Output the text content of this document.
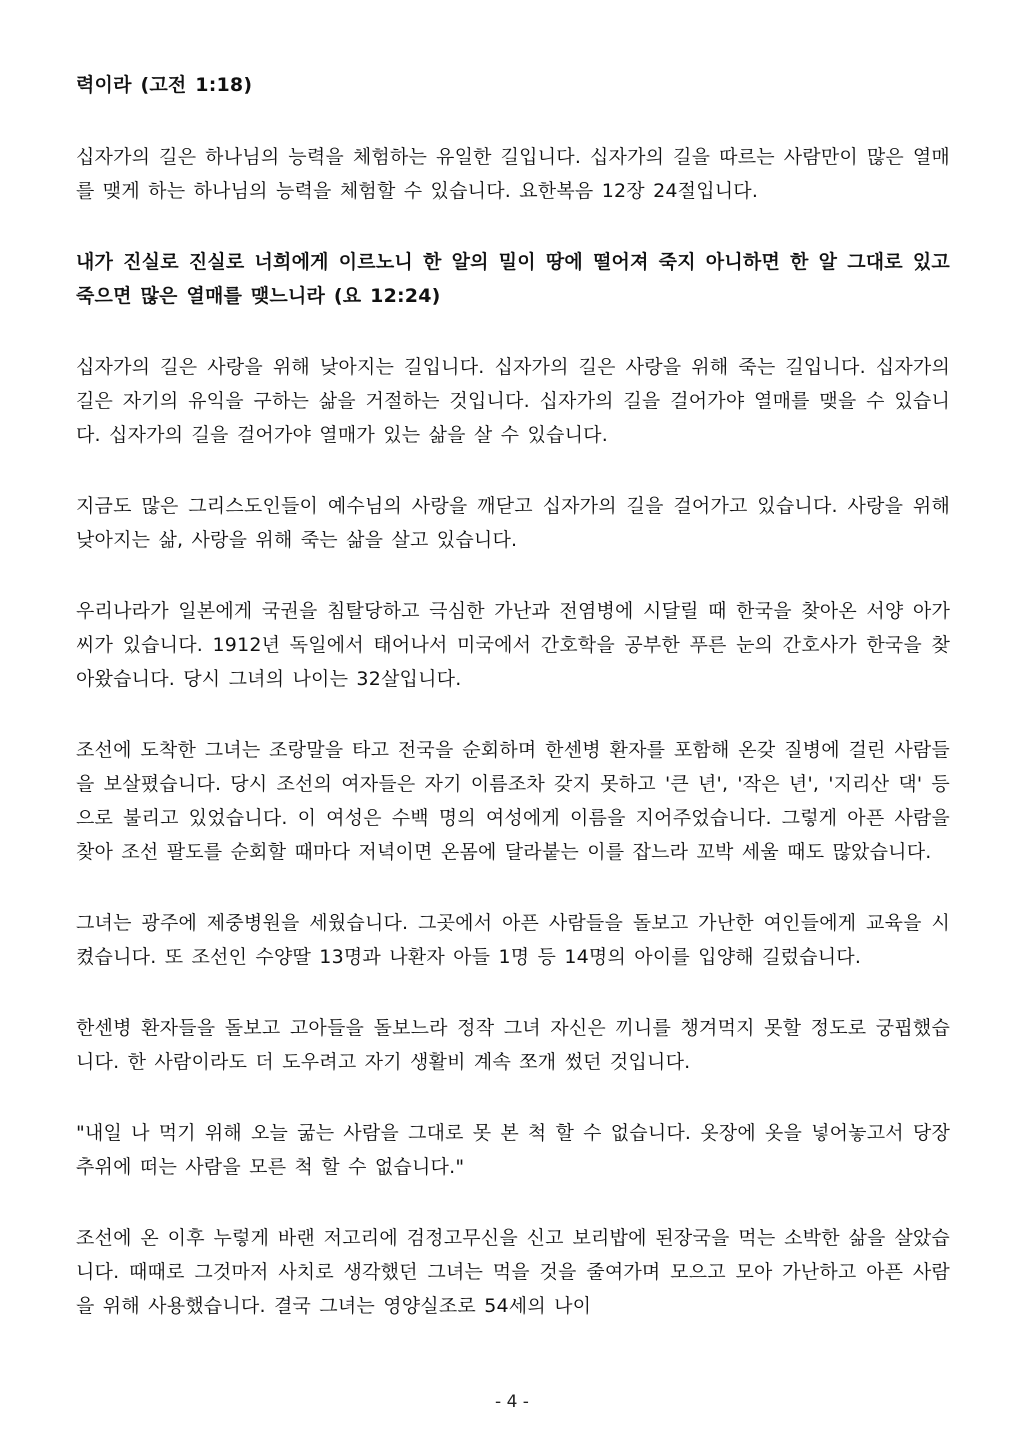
력이라 (고전 1:18)

십자가의 길은 하나님의 능력을 체험하는 유일한 길입니다. 십자가의 길을 따르는 사람만이 많은 열매를 맺게 하는 하나님의 능력을 체험할 수 있습니다. 요한복음 12장 24절입니다.

내가 진실로 진실로 너희에게 이르노니 한 알의 밀이 땅에 떨어져 죽지 아니하면 한 알 그대로 있고 죽으면 많은 열매를 맺느니라 (요 12:24)

십자가의 길은 사랑을 위해 낮아지는 길입니다. 십자가의 길은 사랑을 위해 죽는 길입니다. 십자가의 길은 자기의 유익을 구하는 삶을 거절하는 것입니다. 십자가의 길을 걸어가야 열매를 맺을 수 있습니다. 십자가의 길을 걸어가야 열매가 있는 삶을 살 수 있습니다.

지금도 많은 그리스도인들이 예수님의 사랑을 깨닫고 십자가의 길을 걸어가고 있습니다. 사랑을 위해 낮아지는 삶, 사랑을 위해 죽는 삶을 살고 있습니다.

우리나라가 일본에게 국권을 침탈당하고 극심한 가난과 전염병에 시달릴 때 한국을 찾아온 서양 아가씨가 있습니다. 1912년 독일에서 태어나서 미국에서 간호학을 공부한 푸른 눈의 간호사가 한국을 찾아왔습니다. 당시 그녀의 나이는 32살입니다.

조선에 도착한 그녀는 조랑말을 타고 전국을 순회하며 한센병 환자를 포함해 온갖 질병에 걸린 사람들을 보살폈습니다. 당시 조선의 여자들은 자기 이름조차 갖지 못하고 '큰 년', '작은 년', '지리산 댁' 등으로 불리고 있었습니다. 이 여성은 수백 명의 여성에게 이름을 지어주었습니다. 그렇게 아픈 사람을 찾아 조선 팔도를 순회할 때마다 저녁이면 온몸에 달라붙는 이를 잡느라 꼬박 세울 때도 많았습니다.

그녀는 광주에 제중병원을 세웠습니다. 그곳에서 아픈 사람들을 돌보고 가난한 여인들에게 교육을 시켰습니다. 또 조선인 수양딸 13명과 나환자 아들 1명 등 14명의 아이를 입양해 길렀습니다.

한센병 환자들을 돌보고 고아들을 돌보느라 정작 그녀 자신은 끼니를 챙겨먹지 못할 정도로 궁핍했습니다. 한 사람이라도 더 도우려고 자기 생활비 계속 쪼개 썼던 것입니다.

"내일 나 먹기 위해 오늘 굶는 사람을 그대로 못 본 척 할 수 없습니다. 옷장에 옷을 넣어놓고서 당장 추위에 떠는 사람을 모른 척 할 수 없습니다."

조선에 온 이후 누렇게 바랜 저고리에 검정고무신을 신고 보리밥에 된장국을 먹는 소박한 삶을 살았습니다. 때때로 그것마저 사치로 생각했던 그녀는 먹을 것을 줄여가며 모으고 모아 가난하고 아픈 사람을 위해 사용했습니다. 결국 그녀는 영양실조로 54세의 나이

- 4 -
